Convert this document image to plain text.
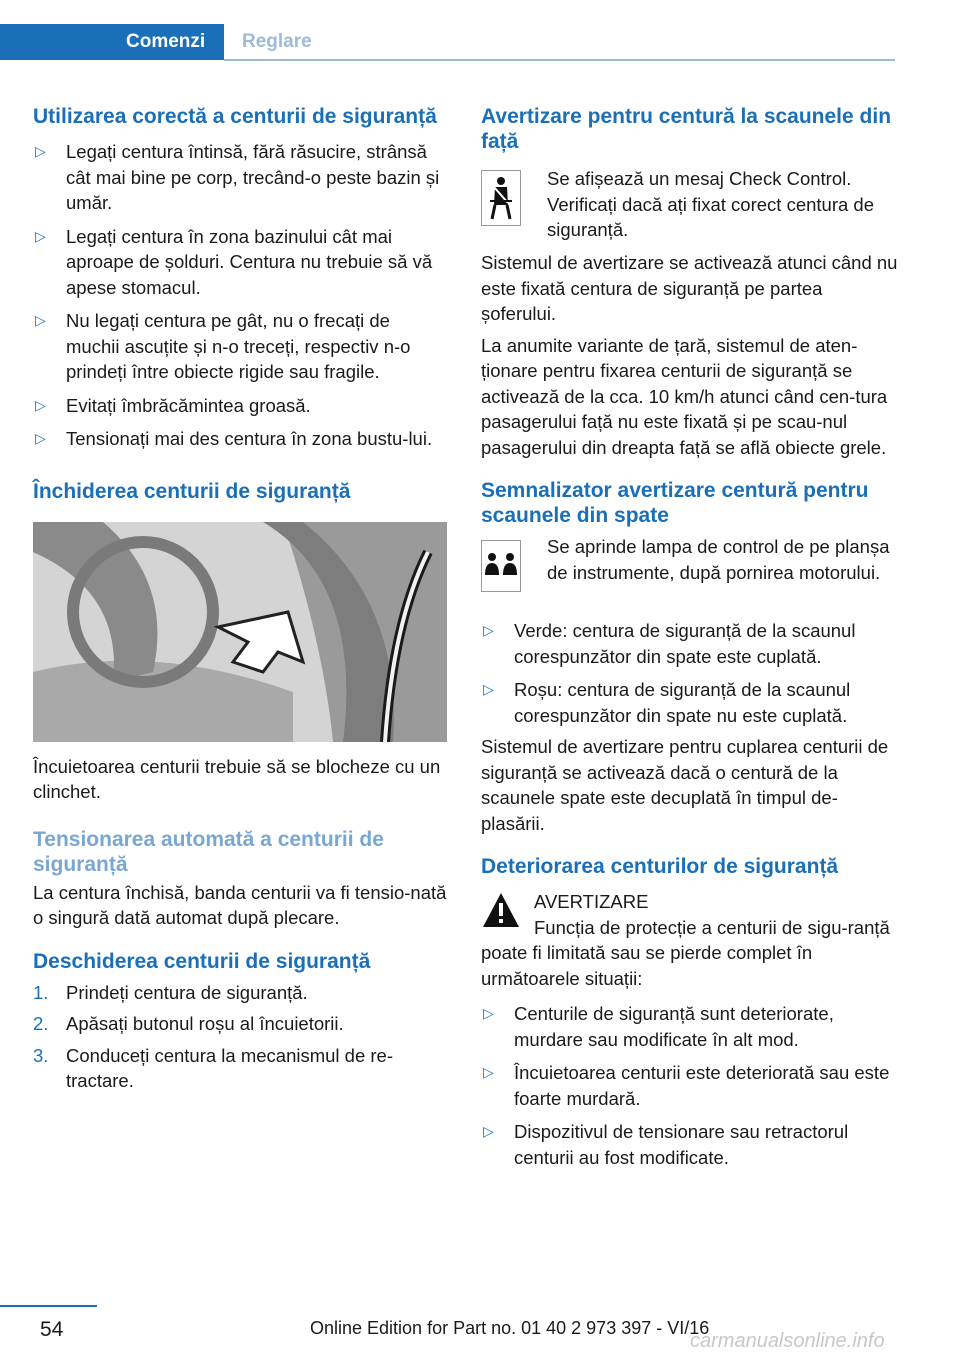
Comenzi	Reglare
Utilizarea corectă a centurii de siguranță
▷ Legați centura întinsă, fără răsucire, strânsă cât mai bine pe corp, trecând-o peste bazin și umăr.
▷ Legați centura în zona bazinului cât mai aproape de șolduri. Centura nu trebuie să vă apese stomacul.
▷ Nu legați centura pe gât, nu o frecați de muchii ascuțite și n-o treceți, respectiv n-o prindeți între obiecte rigide sau fragile.
▷ Evitați îmbrăcămintea groasă.
▷ Tensionați mai des centura în zona bustu-lui.
Închiderea centurii de siguranță

Încuietoarea centurii trebuie să se blocheze cu un clinchet.

Tensionarea automată a centurii de siguranță

La centura închisă, banda centurii va fi tensio-nată o singură dată automat după plecare.

Deschiderea centurii de siguranță
1. Prindeți centura de siguranță.
2. Apăsați butonul roșu al încuietorii.
3. Conduceți centura la mecanismul de re-tractare.
Avertizare pentru centură la scaunele din față

Se afișează un mesaj Check Control. Verificați dacă ați fixat corect centura de siguranță.

Sistemul de avertizare se activează atunci când nu este fixată centura de siguranță pe partea șoferului.

La anumite variante de țară, sistemul de aten-ționare pentru fixarea centurii de siguranță se activează de la cca. 10 km/h atunci când cen-tura pasagerului față nu este fixată și pe scau-nul pasagerului din dreapta față se află obiecte grele.

Semnalizator avertizare centură pentru scaunele din spate

Se aprinde lampa de control de pe planșa de instrumente, după pornirea motorului.

▷ Verde: centura de siguranță de la scaunul corespunzător din spate este cuplată.
▷ Roșu: centura de siguranță de la scaunul corespunzător din spate nu este cuplată.

Sistemul de avertizare pentru cuplarea centurii de siguranță se activează dacă o centură de la scaunele spate este decuplată în timpul de-plasării.

Deteriorarea centurilor de siguranță

AVERTIZARE

Funcția de protecție a centurii de sigu-ranță poate fi limitată sau se pierde complet în următoarele situații:

▷ Centurile de siguranță sunt deteriorate, murdare sau modificate în alt mod.
▷ Încuietoarea centurii este deteriorată sau este foarte murdară.
▷ Dispozitivul de tensionare sau retractorul centurii au fost modificate.
54	Online Edition for Part no. 01 40 2 973 397 - VI/16
carmanualsonline.info
